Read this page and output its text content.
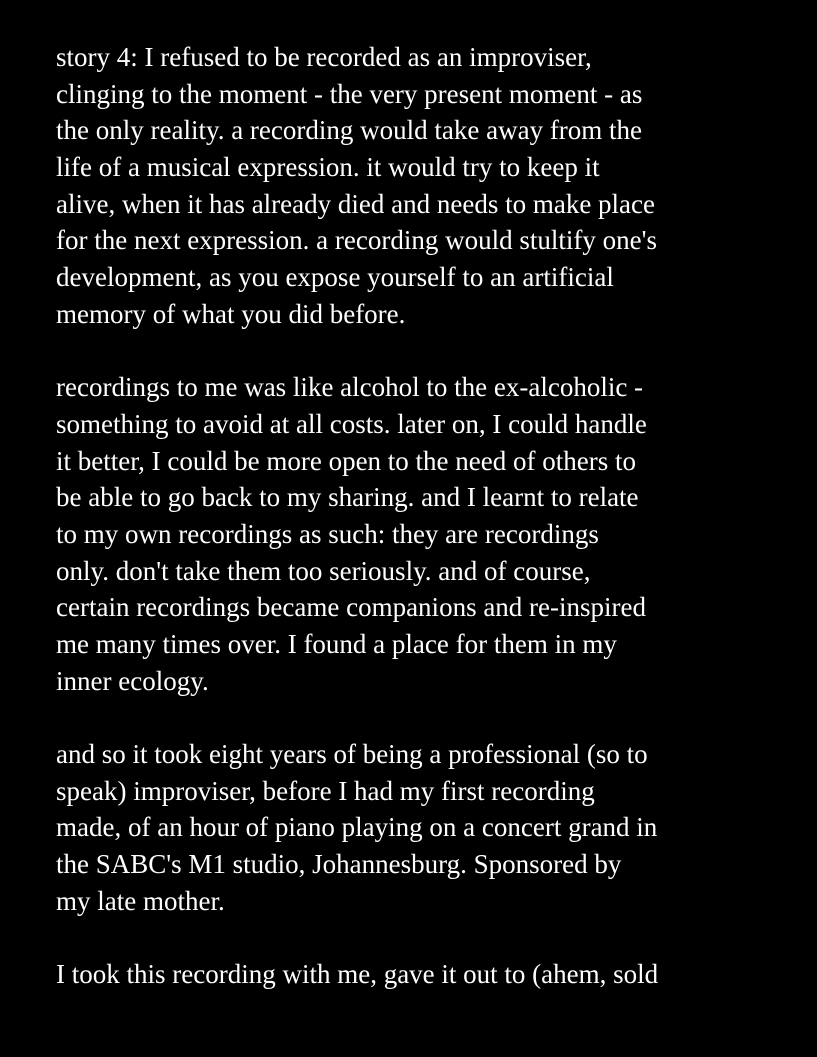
story 4: I refused to be recorded as an improviser,
clinging to the moment - the very present moment - as
the only reality. a recording would take away from the
life of a musical expression. it would try to keep it
alive, when it has already died and needs to make place
for the next expression. a recording would stultify one's
development, as you expose yourself to an artificial
memory of what you did before.
recordings to me was like alcohol to the ex-alcoholic -
something to avoid at all costs. later on, I could handle
it better, I could be more open to the need of others to
be able to go back to my sharing. and I learnt to relate
to my own recordings as such: they are recordings
only. don't take them too seriously. and of course,
certain recordings became companions and re-inspired
me many times over. I found a place for them in my
inner ecology.
and so it took eight years of being a professional (so to
speak) improviser, before I had my first recording
made, of an hour of piano playing on a concert grand in
the SABC's M1 studio, Johannesburg. Sponsored by
my late mother.
I took this recording with me, gave it out to (ahem, sold
